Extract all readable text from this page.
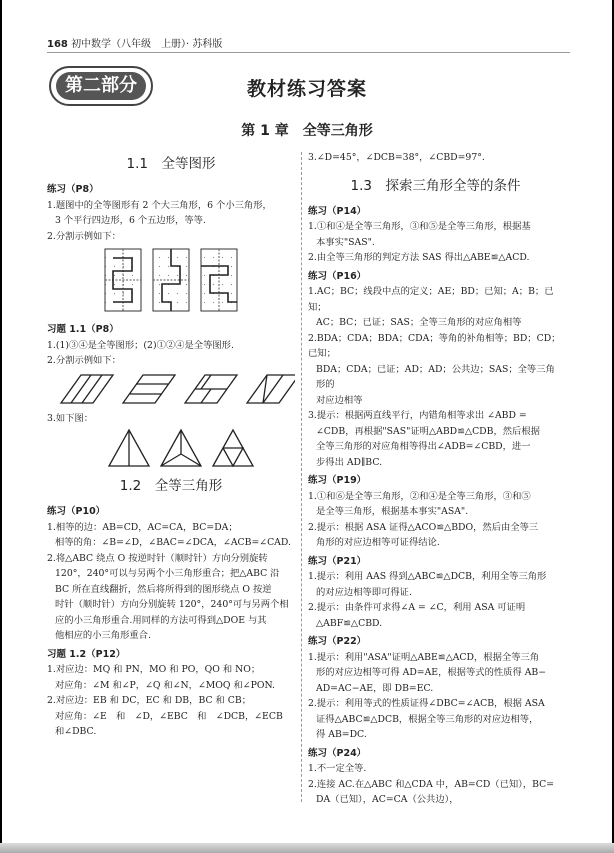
168 初中数学（八年级　上册）· 苏科版
第二部分	教材练习答案
第 1 章　全等三角形

1.1　全等图形

练习（P8）

1.题图中的全等图形有 2 个大三角形，6 个小三角形，

3 个平行四边形，6 个五边形，等等.

2.分割示例如下：

习题 1.1（P8）

1.(1)③④是全等图形；(2)①②④是全等图形.

2.分割示例如下：

3.如下图：

1.2　全等三角形

练习（P10）

1.相等的边：AB=CD，AC=CA，BC=DA；

相等的角：∠B=∠D，∠BAC=∠DCA，∠ACB=∠CAD.

2.将△ABC 绕点 O 按逆时针（顺时针）方向分别旋转

120°，240°可以与另两个小三角形重合；把△ABC 沿

BC 所在直线翻折，然后将所得到的图形绕点 O 按逆

时针（顺时针）方向分别旋转 120°，240°可与另两个相

应的小三角形重合.用同样的方法可得到△DOE 与其

他相应的小三角形重合.

习题 1.2（P12）

1.对应边：MQ 和 PN，MO 和 PO，QO 和 NO；

对应角：∠M 和∠P，∠Q 和∠N，∠MOQ 和∠PON.

2.对应边：EB 和 DC，EC 和 DB，BC 和 CB；

对应角：∠E　和　∠D，∠EBC　和　∠DCB，∠ECB

和∠DBC.

3.∠D=45°，∠DCB=38°，∠CBD=97°.

1.3　探索三角形全等的条件

练习（P14）

1.①和④是全等三角形，③和⑤是全等三角形，根据基

本事实"SAS".

2.由全等三角形的判定方法 SAS 得出△ABE≌△ACD.

练习（P16）

1.AC；BC；线段中点的定义；AE；BD；已知；A；B；已知；

AC；BC；已证；SAS；全等三角形的对应角相等

2.BDA；CDA；BDA；CDA；等角的补角相等；BD；CD；已知；

BDA；CDA；已证；AD；AD；公共边；SAS；全等三角形的

对应边相等

3.提示：根据两直线平行，内错角相等求出 ∠ABD =

∠CDB，再根据"SAS"证明△ABD≌△CDB，然后根据

全等三角形的对应角相等得出∠ADB=∠CBD，进一

步得出 AD∥BC.

练习（P19）

1.①和⑥是全等三角形，②和④是全等三角形，③和⑤

是全等三角形，根据基本事实"ASA".

2.提示：根据 ASA 证得△ACO≌△BDO，然后由全等三

角形的对应边相等可证得结论.

练习（P21）

1.提示：利用 AAS 得到△ABC≌△DCB，利用全等三角形

的对应边相等即可得证.

2.提示：由条件可求得∠A = ∠C，利用 ASA 可证明

△ABF≌△CBD.

练习（P22）

1.提示：利用"ASA"证明△ABE≌△ACD，根据全等三角

形的对应边相等可得 AD=AE，根据等式的性质得 AB−

AD=AC−AE，即 DB=EC.

2.提示：利用等式的性质证得∠DBC=∠ACB，根据 ASA

证得△ABC≌△DCB，根据全等三角形的对应边相等，

得 AB=DC.

练习（P24）

1.不一定全等.

2.连接 AC.在△ABC 和△CDA 中，AB=CD（已知），BC=

DA（已知），AC=CA（公共边），
